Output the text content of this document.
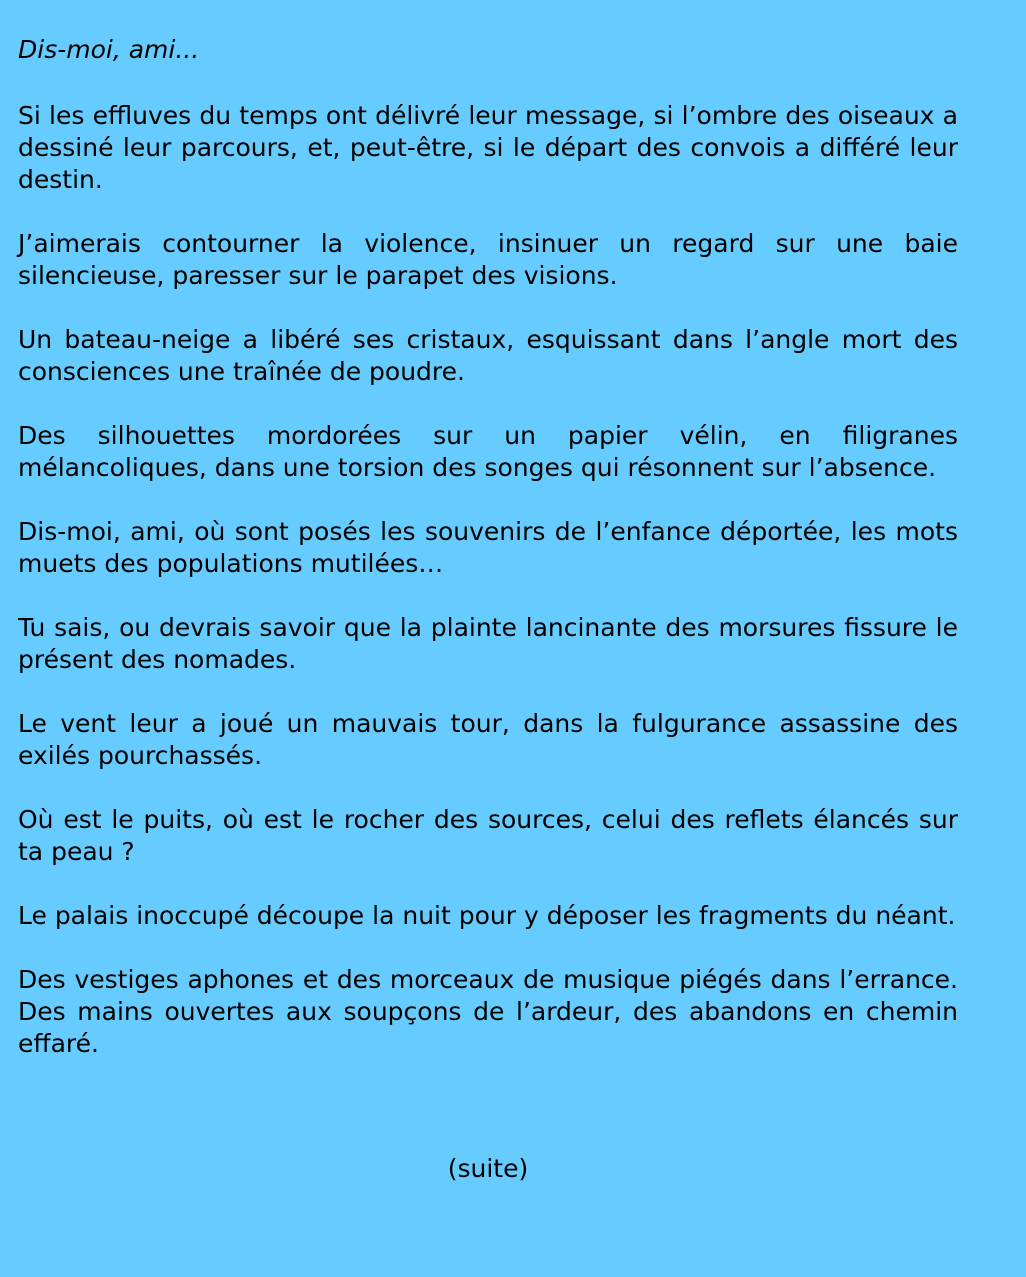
Dis-moi, ami...

Si les effluves du temps ont délivré leur message, si l’ombre des oiseaux a dessiné leur parcours, et, peut-être, si le départ des convois a différé leur destin.

J’aimerais contourner la violence, insinuer un regard sur une baie silencieuse, paresser sur le parapet des visions.

Un bateau-neige a libéré ses cristaux, esquissant dans l’angle mort des consciences une traînée de poudre.

Des silhouettes mordorées sur un papier vélin, en filigranes mélancoliques, dans une torsion des songes qui résonnent sur l’absence.

Dis-moi, ami, où sont posés les souvenirs de l’enfance déportée, les mots muets des populations mutilées…

Tu sais, ou devrais savoir que la plainte lancinante des morsures fissure le présent des nomades.

Le vent leur a joué un mauvais tour, dans la fulgurance assassine des exilés pourchassés.

Où est le puits, où est le rocher des sources, celui des reflets élancés sur ta peau ?

Le palais inoccupé découpe la nuit pour y déposer les fragments du néant.

Des vestiges aphones et des morceaux de musique piégés dans l’errance. Des mains ouvertes aux soupçons de l’ardeur, des abandons en chemin effaré.

(suite)
